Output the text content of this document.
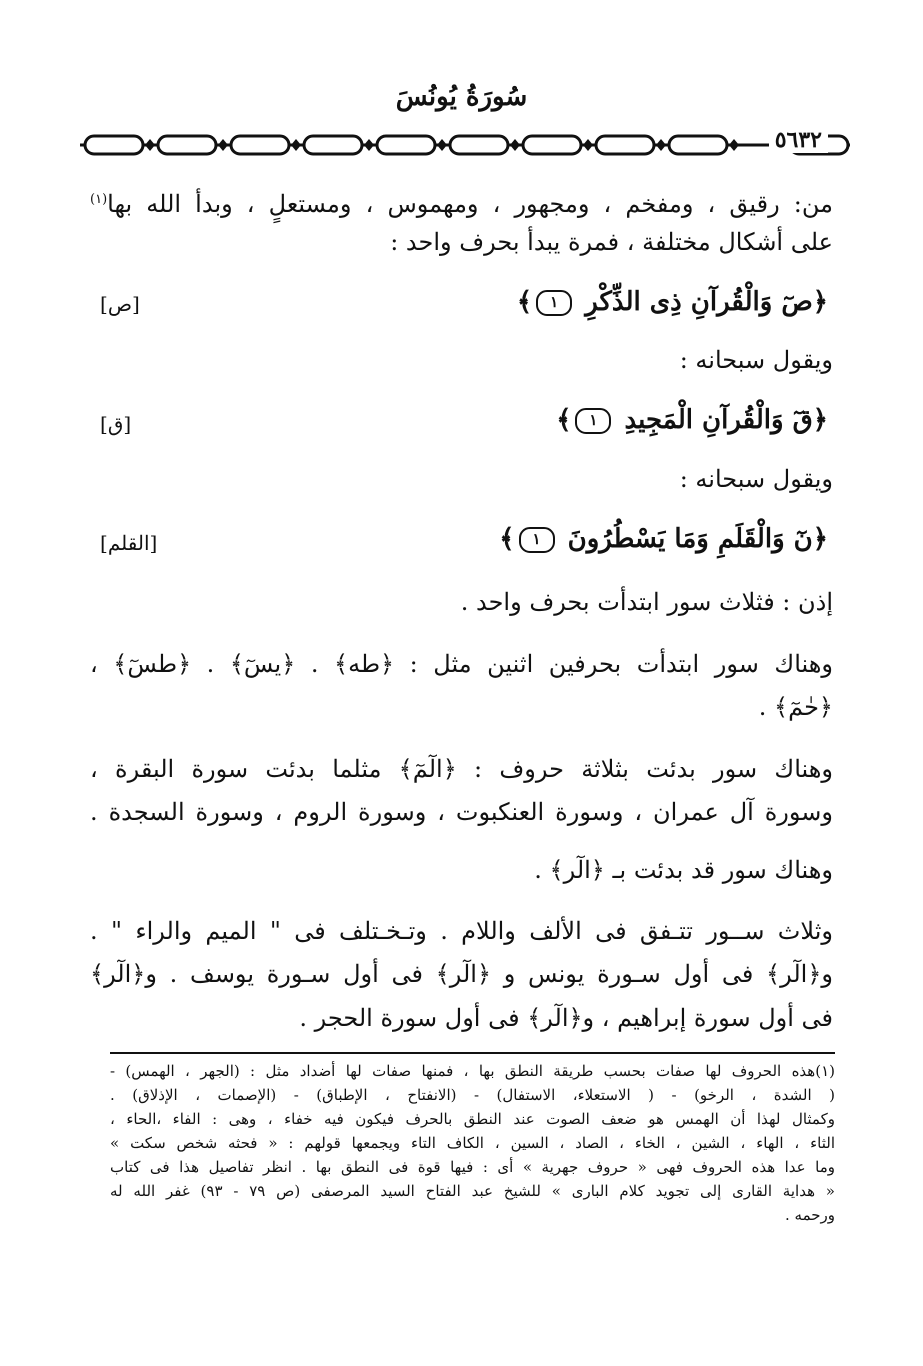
سُورَةُ يُونُسَ
٥٦٣٢
من: رقيق ، ومفخم ، ومجهور ، ومهموس ، ومستعلٍ ، وبدأ الله بها$^{(١)}$
على أشكال مختلفة ، فمرة يبدأ بحرف واحد :
﴿صٓ وَالْقُرآنِ ذِى الذِّكْرِ ١﴾
[ص]
ويقول سبحانه :
﴿قٓ وَالْقُرآنِ الْمَجِيدِ ١﴾
[ق]
ويقول سبحانه :
﴿نٓ وَالْقَلَمِ وَمَا يَسْطُرُونَ ١﴾
[القلم]
إذن : فثلاث سور ابتدأت بحرف واحد .
وهناك سور ابتدأت بحرفين اثنين مثل : ﴿طه﴾ . ﴿يسٓ﴾ . ﴿طسٓ﴾ ،
﴿حٰمٓ﴾ .
وهناك سور بدئت بثلاثة حروف : ﴿الٓمٓ﴾ مثلما بدئت سورة البقرة ،
وسورة آل عمران ، وسورة العنكبوت ، وسورة الروم ، وسورة السجدة .
وهناك سور قد بدئت بـ ﴿الٓر﴾ .
وثلاث ســور تتـفق فى الألف واللام . وتـخـتلف فى " الميم والراء " .
و﴿الٓر﴾ فى أول سـورة يونس و ﴿الٓر﴾ فى أول سـورة يوسف . و﴿الٓر﴾
فى أول سورة إبراهيم ، و﴿الٓر﴾ فى أول سورة الحجر .
(١)هذه الحروف لها صفات بحسب طريقة النطق بها ، فمنها صفات لها أضداد مثل : (الجهر ، الهمس) -
( الشدة ، الرخو) - ( الاستعلاء، الاستفال) - (الانفتاح ، الإطباق) - (الإصمات ، الإذلاق) .
وكمثال لهذا أن الهمس هو ضعف الصوت عند النطق بالحرف فيكون فيه خفاء ، وهى : الفاء ،الحاء ،
الثاء ، الهاء ، الشين ، الخاء ، الصاد ، السين ، الكاف التاء ويجمعها قولهم : « فحثه شخص سكت »
وما عدا هذه الحروف فهى « حروف جهرية » أى : فيها قوة فى النطق بها . انظر تفاصيل هذا فى كتاب
« هداية القارى إلى تجويد كلام البارى » للشيخ عبد الفتاح السيد المرصفى (ص ٧٩ - ٩٣) غفر الله له
ورحمه .
